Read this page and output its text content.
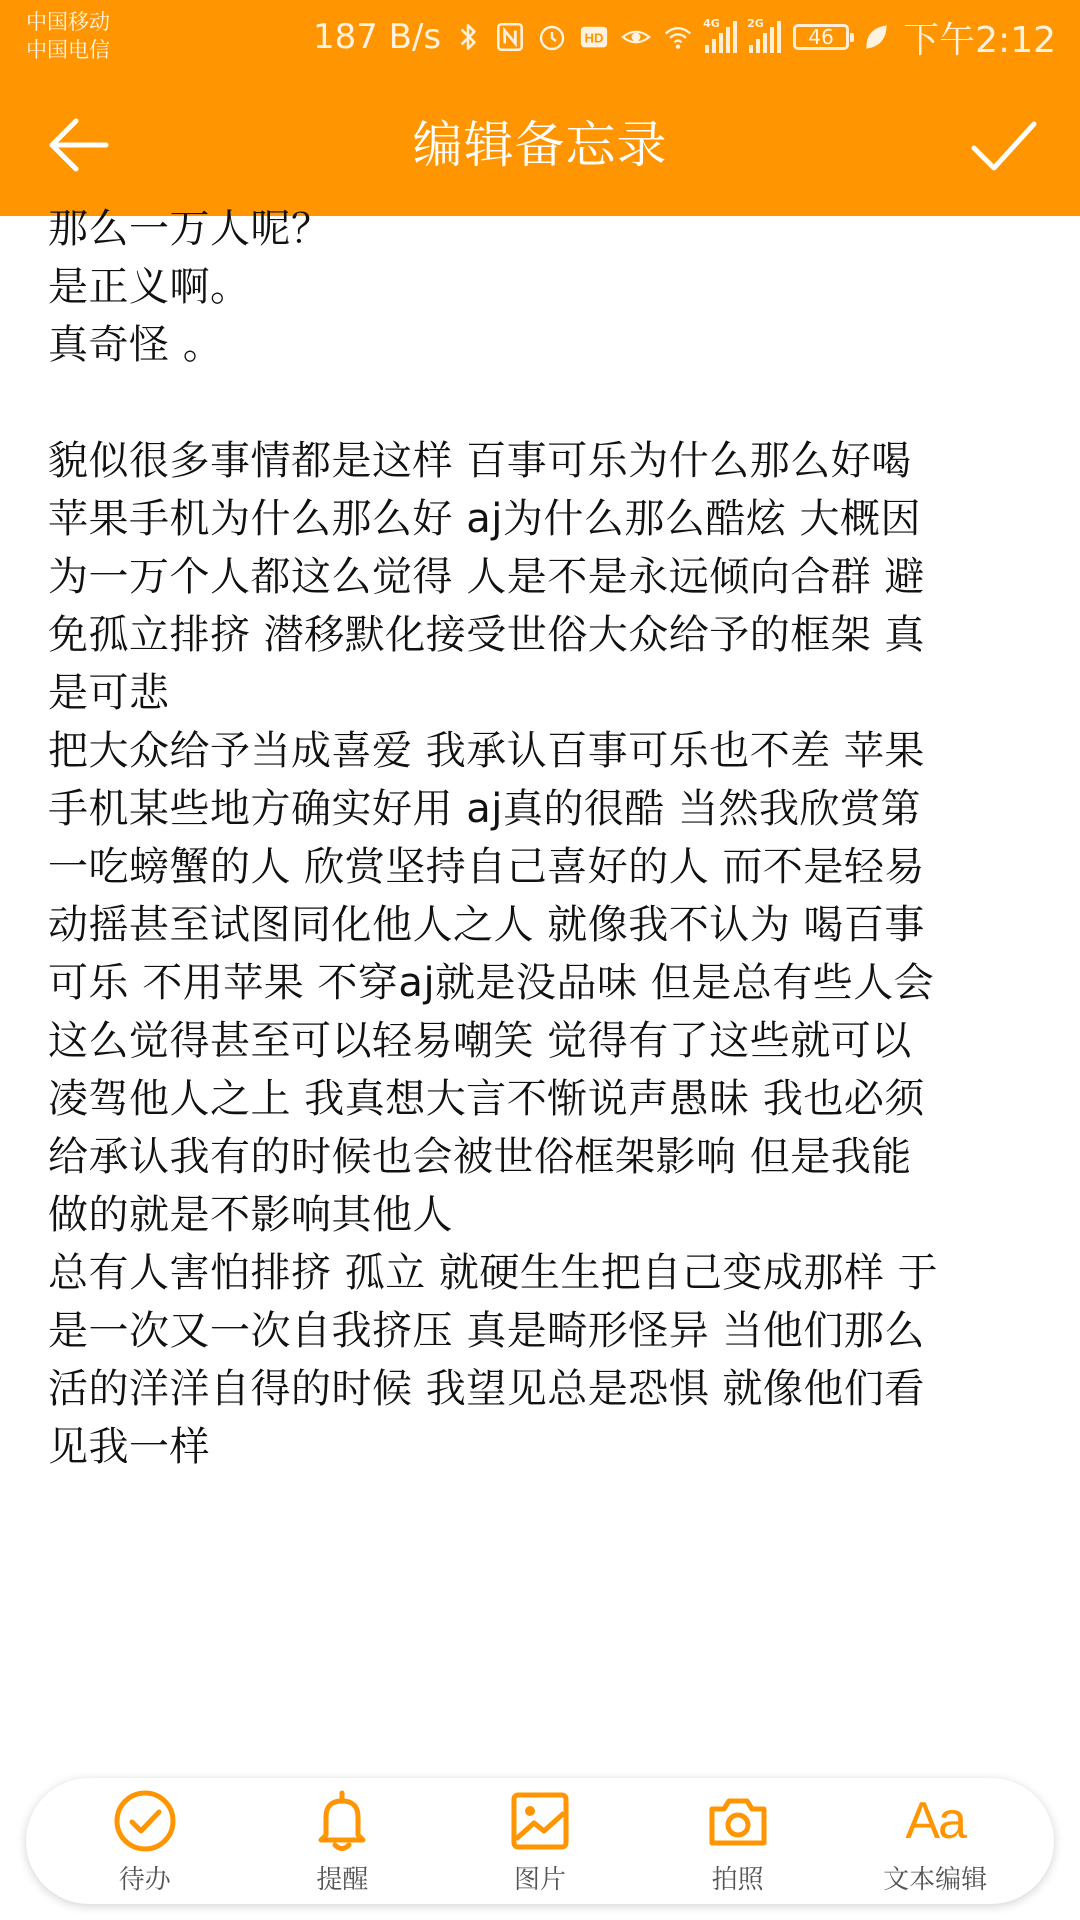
中国移动
中国电信	187 B/s	HD
4G 2G
46	下午2:12
编辑备忘录
那么一万人呢？
是正义啊。
真奇怪 。
貌似很多事情都是这样 百事可乐为什么那么好喝
苹果手机为什么那么好 aj为什么那么酷炫 大概因
为一万个人都这么觉得 人是不是永远倾向合群 避
免孤立排挤 潜移默化接受世俗大众给予的框架 真
是可悲
把大众给予当成喜爱 我承认百事可乐也不差 苹果
手机某些地方确实好用 aj真的很酷 当然我欣赏第
一吃螃蟹的人 欣赏坚持自己喜好的人 而不是轻易
动摇甚至试图同化他人之人 就像我不认为 喝百事
可乐 不用苹果 不穿aj就是没品味 但是总有些人会
这么觉得甚至可以轻易嘲笑 觉得有了这些就可以
凌驾他人之上 我真想大言不惭说声愚昧 我也必须
给承认我有的时候也会被世俗框架影响 但是我能
做的就是不影响其他人
总有人害怕排挤 孤立 就硬生生把自己变成那样 于
是一次又一次自我挤压 真是畸形怪异 当他们那么
活的洋洋自得的时候 我望见总是恐惧 就像他们看
见我一样
待办	提醒	图片	拍照
Aa
文本编辑
